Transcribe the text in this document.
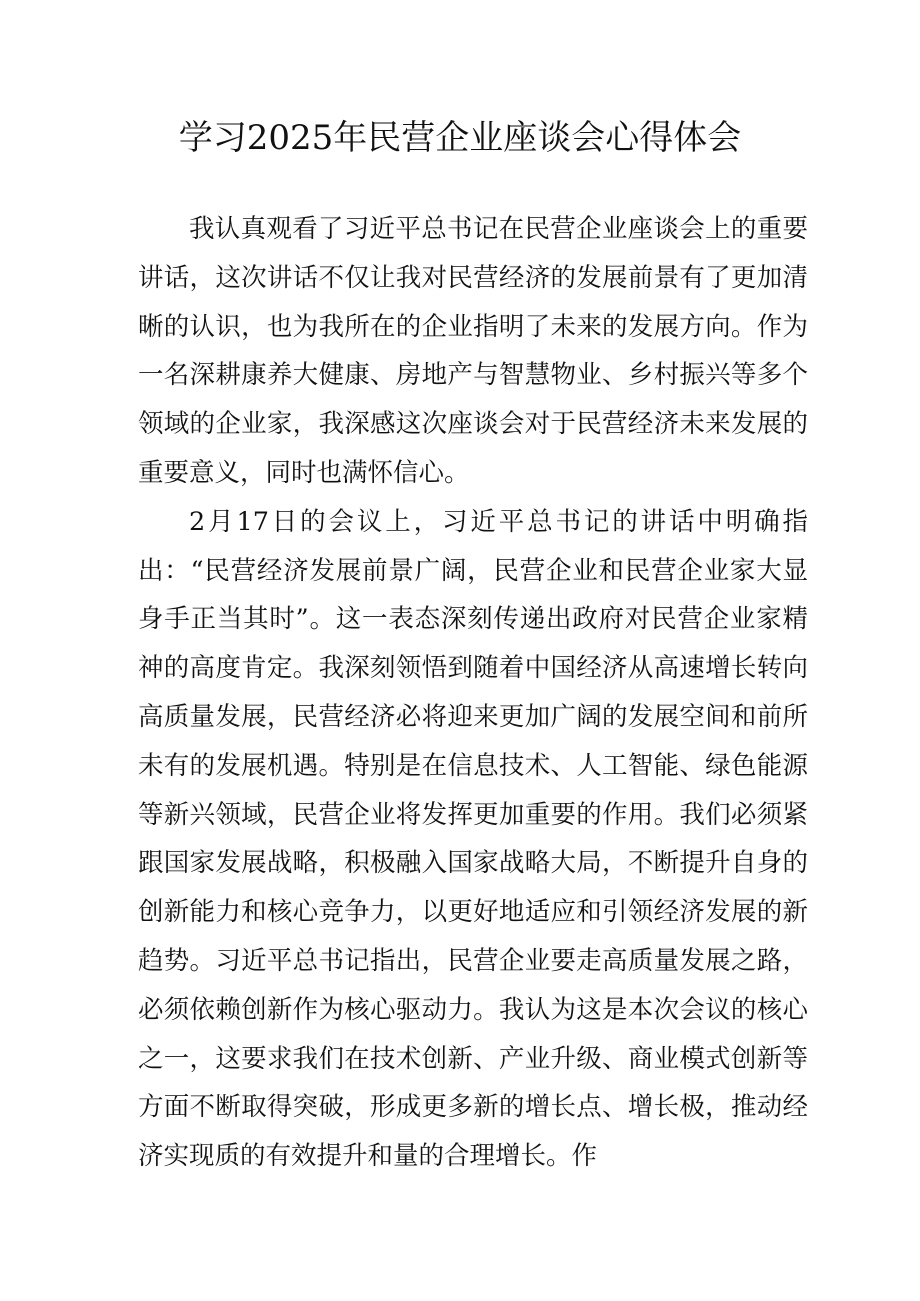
学习2025年民营企业座谈会心得体会

我认真观看了习近平总书记在民营企业座谈会上的重要讲话，这次讲话不仅让我对民营经济的发展前景有了更加清晰的认识，也为我所在的企业指明了未来的发展方向。作为一名深耕康养大健康、房地产与智慧物业、乡村振兴等多个领域的企业家，我深感这次座谈会对于民营经济未来发展的重要意义，同时也满怀信心。

2月17日的会议上，习近平总书记的讲话中明确指出：“民营经济发展前景广阔，民营企业和民营企业家大显身手正当其时”。这一表态深刻传递出政府对民营企业家精神的高度肯定。我深刻领悟到随着中国经济从高速增长转向高质量发展，民营经济必将迎来更加广阔的发展空间和前所未有的发展机遇。特别是在信息技术、人工智能、绿色能源等新兴领域，民营企业将发挥更加重要的作用。我们必须紧跟国家发展战略，积极融入国家战略大局，不断提升自身的创新能力和核心竞争力，以更好地适应和引领经济发展的新趋势。习近平总书记指出，民营企业要走高质量发展之路，必须依赖创新作为核心驱动力。我认为这是本次会议的核心之一，这要求我们在技术创新、产业升级、商业模式创新等方面不断取得突破，形成更多新的增长点、增长极，推动经济实现质的有效提升和量的合理增长。作
